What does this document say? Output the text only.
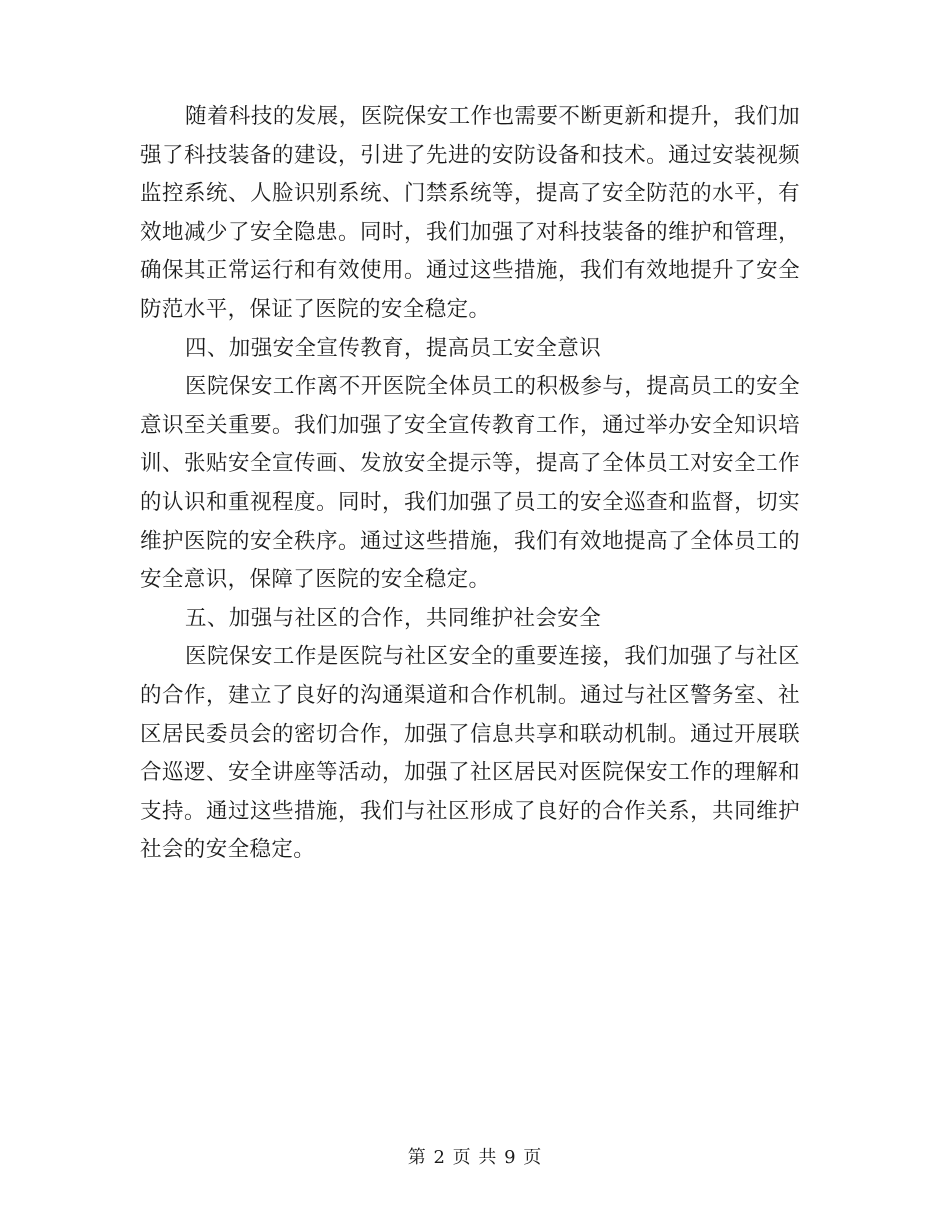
随着科技的发展，医院保安工作也需要不断更新和提升，我们加强了科技装备的建设，引进了先进的安防设备和技术。通过安装视频监控系统、人脸识别系统、门禁系统等，提高了安全防范的水平，有效地减少了安全隐患。同时，我们加强了对科技装备的维护和管理，确保其正常运行和有效使用。通过这些措施，我们有效地提升了安全防范水平，保证了医院的安全稳定。

四、加强安全宣传教育，提高员工安全意识

医院保安工作离不开医院全体员工的积极参与，提高员工的安全意识至关重要。我们加强了安全宣传教育工作，通过举办安全知识培训、张贴安全宣传画、发放安全提示等，提高了全体员工对安全工作的认识和重视程度。同时，我们加强了员工的安全巡查和监督，切实维护医院的安全秩序。通过这些措施，我们有效地提高了全体员工的安全意识，保障了医院的安全稳定。

五、加强与社区的合作，共同维护社会安全

医院保安工作是医院与社区安全的重要连接，我们加强了与社区的合作，建立了良好的沟通渠道和合作机制。通过与社区警务室、社区居民委员会的密切合作，加强了信息共享和联动机制。通过开展联合巡逻、安全讲座等活动，加强了社区居民对医院保安工作的理解和支持。通过这些措施，我们与社区形成了良好的合作关系，共同维护社会的安全稳定。

第 2 页 共 9 页
